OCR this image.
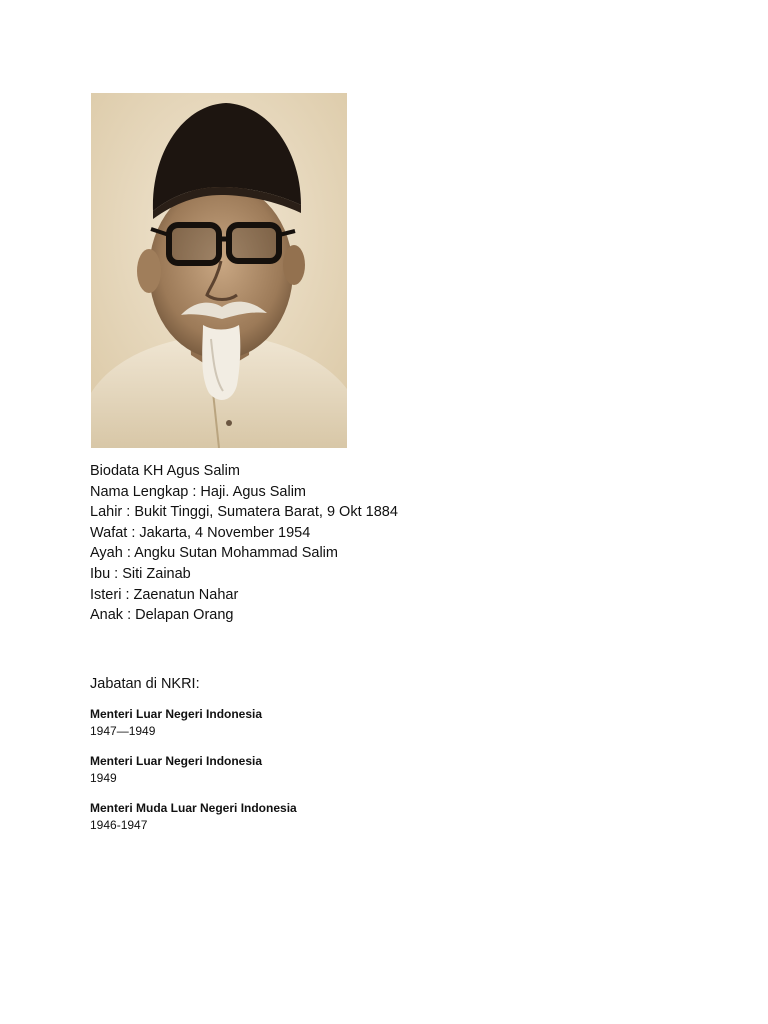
Biodata KH Agus Salim

Nama Lengkap : Haji. Agus Salim

Lahir : Bukit Tinggi, Sumatera Barat, 9 Okt 1884

Wafat : Jakarta, 4 November 1954

Ayah : Angku Sutan Mohammad Salim

Ibu : Siti Zainab

Isteri : Zaenatun Nahar

Anak : Delapan Orang

Jabatan di NKRI:

Menteri Luar Negeri Indonesia

1947—1949

Menteri Luar Negeri Indonesia

1949

Menteri Muda Luar Negeri Indonesia

1946-1947
